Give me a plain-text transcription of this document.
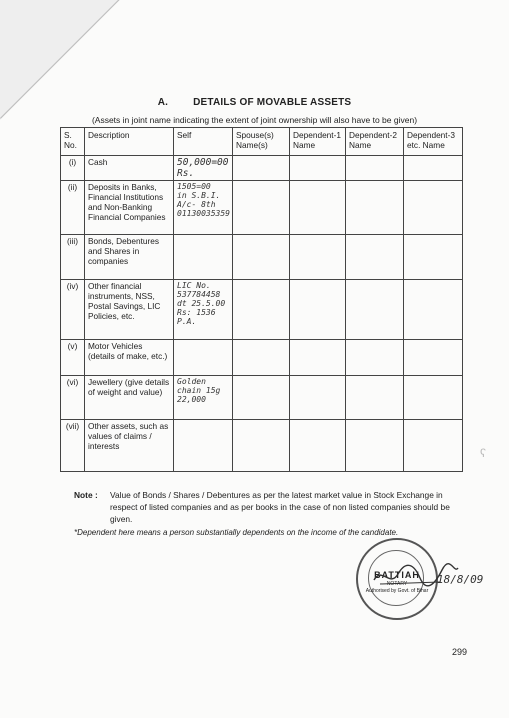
A. DETAILS OF MOVABLE ASSETS
(Assets in joint name indicating the extent of joint ownership will also have to be given)
S. No.	Description	Self	Spouse(s) Name(s)	Dependent-1 Name	Dependent-2 Name	Dependent-3 etc. Name
(i)	Cash	50,000=00 Rs.				
(ii)	Deposits in Banks, Financial Institutions and Non-Banking Financial Companies	1505=00
in S.B.I.
A/c- 8th
01130035359				
(iii)	Bonds, Debentures and Shares in companies					
(iv)	Other financial instruments, NSS, Postal Savings, LIC Policies, etc.	LIC No.
537784458
dt 25.5.00
Rs: 1536
P.A.				
(v)	Motor Vehicles (details of make, etc.)					
(vi)	Jewellery (give details of weight and value)	Golden
chain 15g
22,000				
(vii)	Other assets, such as values of claims / interests					
Note :	Value of Bonds / Shares / Debentures as per the latest market value in Stock Exchange in respect of listed companies and as per books in the case of non listed companies should be given.
*Dependent here means a person substantially dependents on the income of the candidate.
BATTIAH
NOTARY
Authorised by Govt. of Bihar
18/8/09
ʕ
299
